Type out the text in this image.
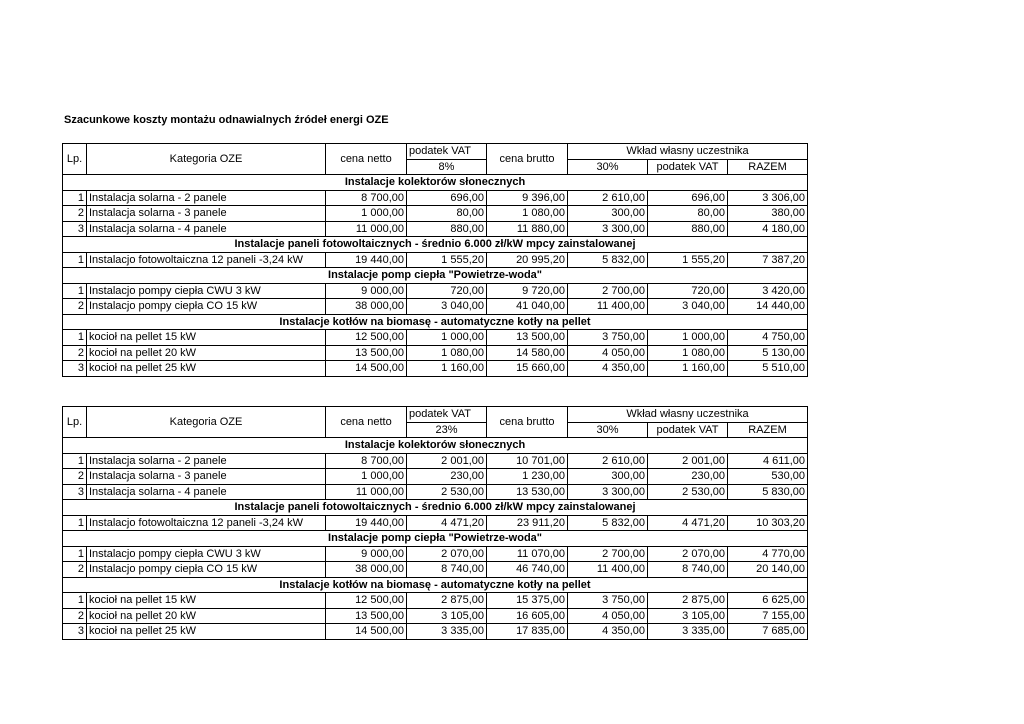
Szacunkowe koszty montażu odnawialnych źródeł energi OZE
Lp.	Kategoria OZE	cena netto	podatek VAT	cena brutto	Wkład własny uczestnika		
			8%		30%	podatek VAT	RAZEM
Instalacje kolektorów słonecznych							
1	Instalacja solarna - 2 panele	8 700,00	696,00	9 396,00	2 610,00	696,00	3 306,00
2	Instalacja solarna - 3 panele	1 000,00	80,00	1 080,00	300,00	80,00	380,00
3	Instalacja solarna - 4 panele	11 000,00	880,00	11 880,00	3 300,00	880,00	4 180,00
Instalacje paneli fotowoltaicznych - średnio 6.000 zł/kW mpcy zainstalowanej							
1	Instalacjo fotowoltaiczna 12 paneli -3,24 kW	19 440,00	1 555,20	20 995,20	5 832,00	1 555,20	7 387,20
Instalacje pomp ciepła "Powietrze-woda"							
1	Instalacjo pompy ciepła CWU 3 kW	9 000,00	720,00	9 720,00	2 700,00	720,00	3 420,00
2	Instalacjo pompy ciepła CO 15 kW	38 000,00	3 040,00	41 040,00	11 400,00	3 040,00	14 440,00
Instalacje kotłów na biomasę - automatyczne kotły na pellet							
1	kocioł na pellet 15 kW	12 500,00	1 000,00	13 500,00	3 750,00	1 000,00	4 750,00
2	kocioł na pellet 20 kW	13 500,00	1 080,00	14 580,00	4 050,00	1 080,00	5 130,00
3	kocioł na pellet 25 kW	14 500,00	1 160,00	15 660,00	4 350,00	1 160,00	5 510,00
Lp.	Kategoria OZE	cena netto	podatek VAT	cena brutto	Wkład własny uczestnika		
			23%		30%	podatek VAT	RAZEM
Instalacje kolektorów słonecznych							
1	Instalacja solarna - 2 panele	8 700,00	2 001,00	10 701,00	2 610,00	2 001,00	4 611,00
2	Instalacja solarna - 3 panele	1 000,00	230,00	1 230,00	300,00	230,00	530,00
3	Instalacja solarna - 4 panele	11 000,00	2 530,00	13 530,00	3 300,00	2 530,00	5 830,00
Instalacje paneli fotowoltaicznych - średnio 6.000 zł/kW mpcy zainstalowanej							
1	Instalacjo fotowoltaiczna 12 paneli -3,24 kW	19 440,00	4 471,20	23 911,20	5 832,00	4 471,20	10 303,20
Instalacje pomp ciepła "Powietrze-woda"							
1	Instalacjo pompy ciepła CWU 3 kW	9 000,00	2 070,00	11 070,00	2 700,00	2 070,00	4 770,00
2	Instalacjo pompy ciepła CO 15 kW	38 000,00	8 740,00	46 740,00	11 400,00	8 740,00	20 140,00
Instalacje kotłów na biomasę - automatyczne kotły na pellet							
1	kocioł na pellet 15 kW	12 500,00	2 875,00	15 375,00	3 750,00	2 875,00	6 625,00
2	kocioł na pellet 20 kW	13 500,00	3 105,00	16 605,00	4 050,00	3 105,00	7 155,00
3	kocioł na pellet 25 kW	14 500,00	3 335,00	17 835,00	4 350,00	3 335,00	7 685,00
